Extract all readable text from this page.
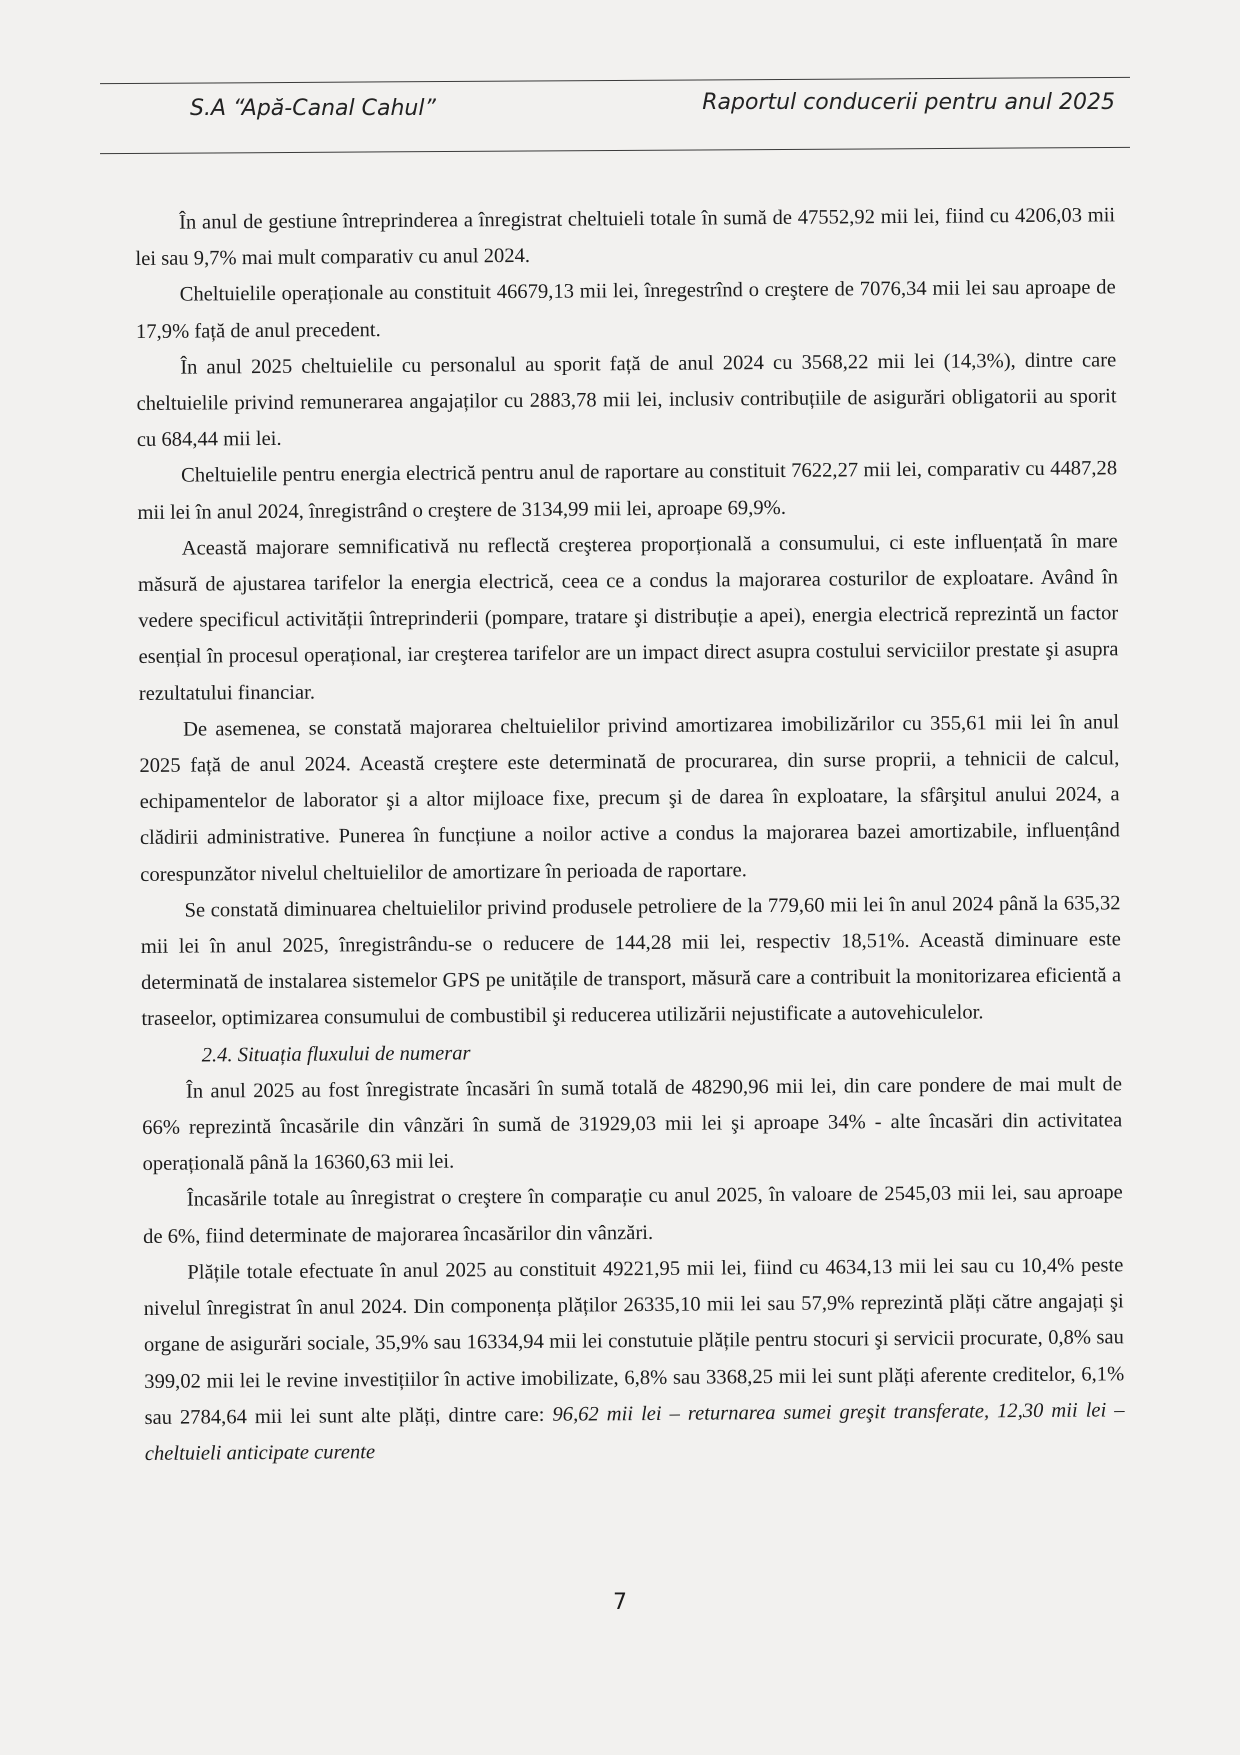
S.A “Apă-Canal Cahul”	Raportul conducerii pentru anul 2025

În anul de gestiune întreprinderea a înregistrat cheltuieli totale în sumă de 47552,92 mii lei, fiind cu 4206,03 mii lei sau 9,7% mai mult comparativ cu anul 2024.

Cheltuielile operaționale au constituit 46679,13 mii lei, înregestrînd o creştere de 7076,34 mii lei sau aproape de 17,9% față de anul precedent.

În anul 2025 cheltuielile cu personalul au sporit față de anul 2024 cu 3568,22 mii lei (14,3%), dintre care cheltuielile privind remunerarea angajaților cu 2883,78 mii lei, inclusiv contribuțiile de asigurări obligatorii au sporit cu 684,44 mii lei.

Cheltuielile pentru energia electrică pentru anul de raportare au constituit 7622,27 mii lei, comparativ cu 4487,28 mii lei în anul 2024, înregistrând o creştere de 3134,99 mii lei, aproape 69,9%.

Această majorare semnificativă nu reflectă creşterea proporțională a consumului, ci este influențată în mare măsură de ajustarea tarifelor la energia electrică, ceea ce a condus la majorarea costurilor de exploatare. Având în vedere specificul activității întreprinderii (pompare, tratare şi distribuție a apei), energia electrică reprezintă un factor esențial în procesul operațional, iar creşterea tarifelor are un impact direct asupra costului serviciilor prestate şi asupra rezultatului financiar.

De asemenea, se constată majorarea cheltuielilor privind amortizarea imobilizărilor cu 355,61 mii lei în anul 2025 față de anul 2024. Această creştere este determinată de procurarea, din surse proprii, a tehnicii de calcul, echipamentelor de laborator şi a altor mijloace fixe, precum şi de darea în exploatare, la sfârşitul anului 2024, a clădirii administrative. Punerea în funcțiune a noilor active a condus la majorarea bazei amortizabile, influențând corespunzător nivelul cheltuielilor de amortizare în perioada de raportare.

Se constată diminuarea cheltuielilor privind produsele petroliere de la 779,60 mii lei în anul 2024 până la 635,32 mii lei în anul 2025, înregistrându-se o reducere de 144,28 mii lei, respectiv 18,51%. Această diminuare este determinată de instalarea sistemelor GPS pe unitățile de transport, măsură care a contribuit la monitorizarea eficientă a traseelor, optimizarea consumului de combustibil şi reducerea utilizării nejustificate a autovehiculelor.

2.4. Situația fluxului de numerar

În anul 2025 au fost înregistrate încasări în sumă totală de 48290,96 mii lei, din care pondere de mai mult de 66% reprezintă încasările din vânzări în sumă de 31929,03 mii lei şi aproape 34% - alte încasări din activitatea operațională până la 16360,63 mii lei.

Încasările totale au înregistrat o creştere în comparație cu anul 2025, în valoare de 2545,03 mii lei, sau aproape de 6%, fiind determinate de majorarea încasărilor din vânzări.

Plățile totale efectuate în anul 2025 au constituit 49221,95 mii lei, fiind cu 4634,13 mii lei sau cu 10,4% peste nivelul înregistrat în anul 2024. Din componența plăților 26335,10 mii lei sau 57,9% reprezintă plăți către angajați şi organe de asigurări sociale, 35,9% sau 16334,94 mii lei constutuie plățile pentru stocuri şi servicii procurate, 0,8% sau 399,02 mii lei le revine investițiilor în active imobilizate, 6,8% sau 3368,25 mii lei sunt plăți aferente creditelor, 6,1% sau 2784,64 mii lei sunt alte plăți, dintre care: 96,62 mii lei – returnarea sumei greşit transferate, 12,30 mii lei – cheltuieli anticipate curente

7
